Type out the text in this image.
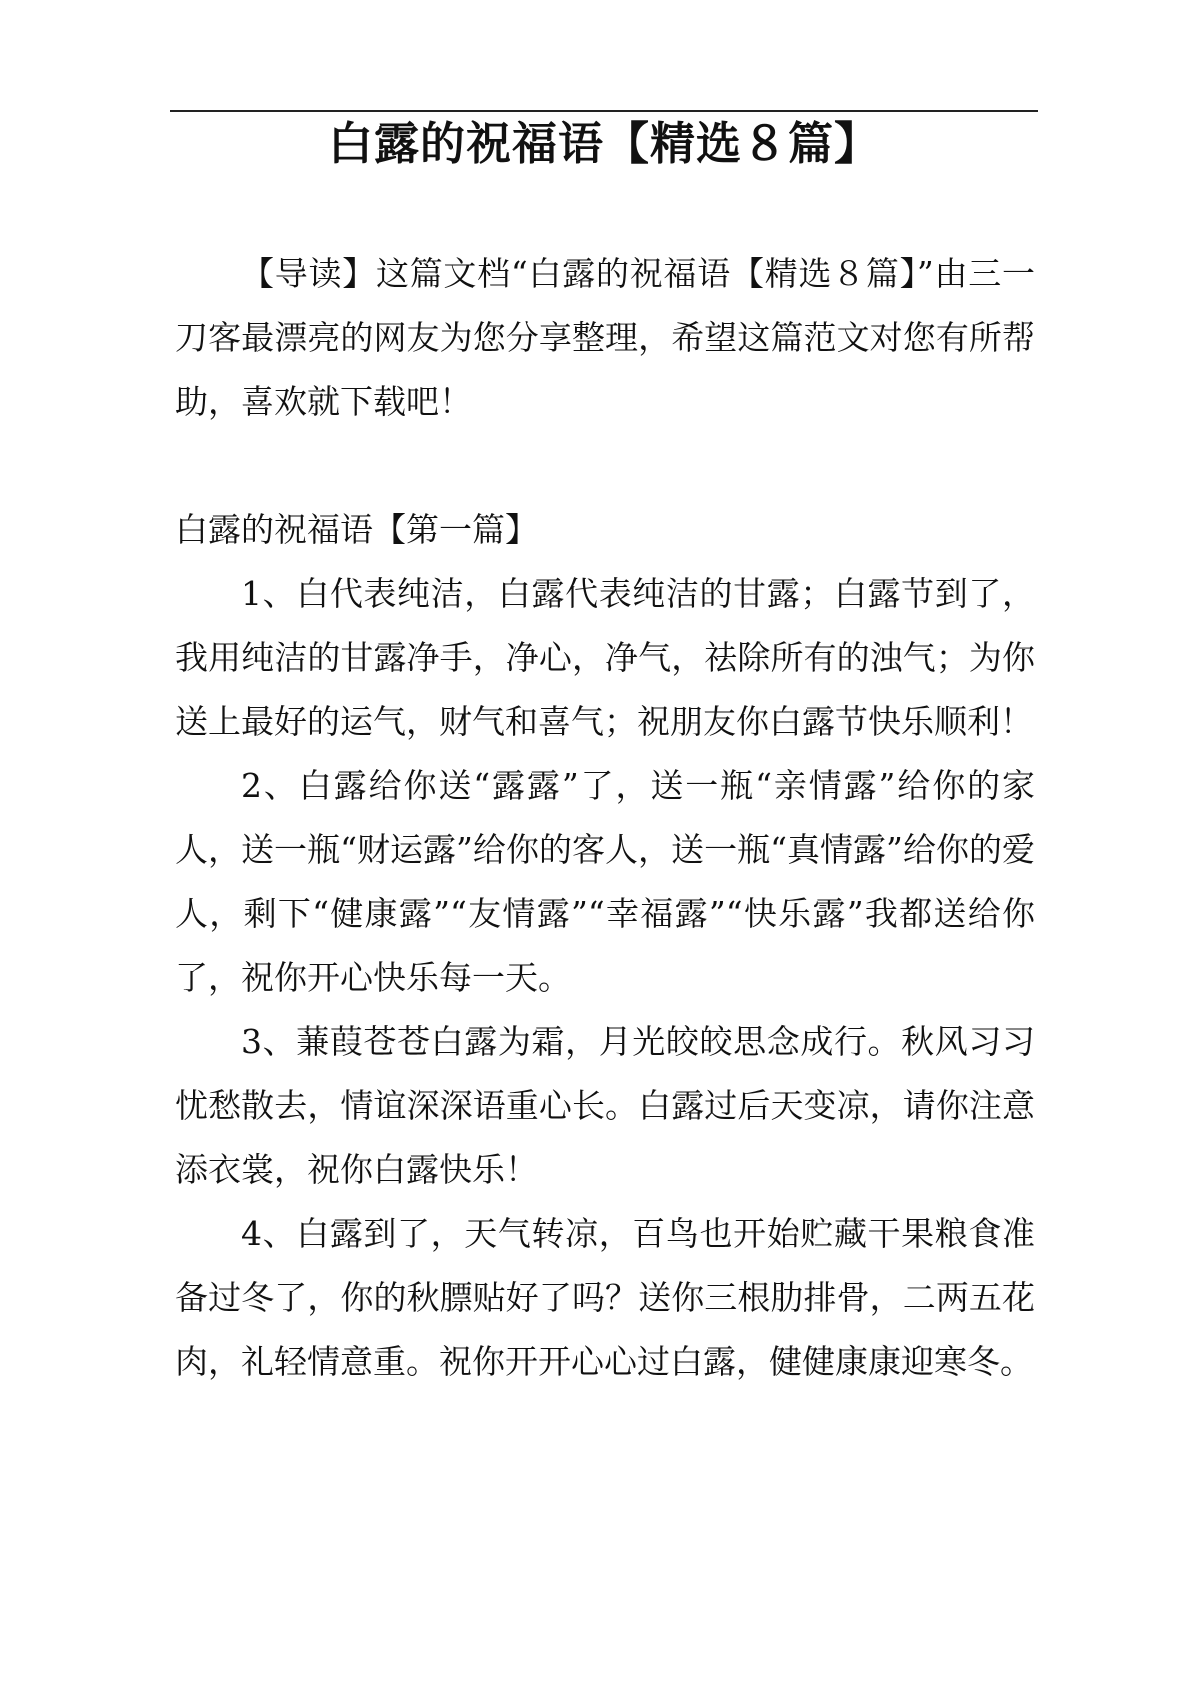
白露的祝福语【精选８篇】

【导读】这篇文档“白露的祝福语【精选８篇】”由三一刀客最漂亮的网友为您分享整理，希望这篇范文对您有所帮助，喜欢就下载吧！

白露的祝福语【第一篇】

1、白代表纯洁，白露代表纯洁的甘露；白露节到了，我用纯洁的甘露净手，净心，净气，祛除所有的浊气；为你送上最好的运气，财气和喜气；祝朋友你白露节快乐顺利！

2、白露给你送“露露”了，送一瓶“亲情露”给你的家人，送一瓶“财运露”给你的客人，送一瓶“真情露”给你的爱人，剩下“健康露”“友情露”“幸福露”“快乐露”我都送给你了，祝你开心快乐每一天。

3、蒹葭苍苍白露为霜，月光皎皎思念成行。秋风习习忧愁散去，情谊深深语重心长。白露过后天变凉，请你注意添衣裳，祝你白露快乐！

4、白露到了，天气转凉，百鸟也开始贮藏干果粮食准备过冬了，你的秋膘贴好了吗？送你三根肋排骨，二两五花肉，礼轻情意重。祝你开开心心过白露，健健康康迎寒冬。
